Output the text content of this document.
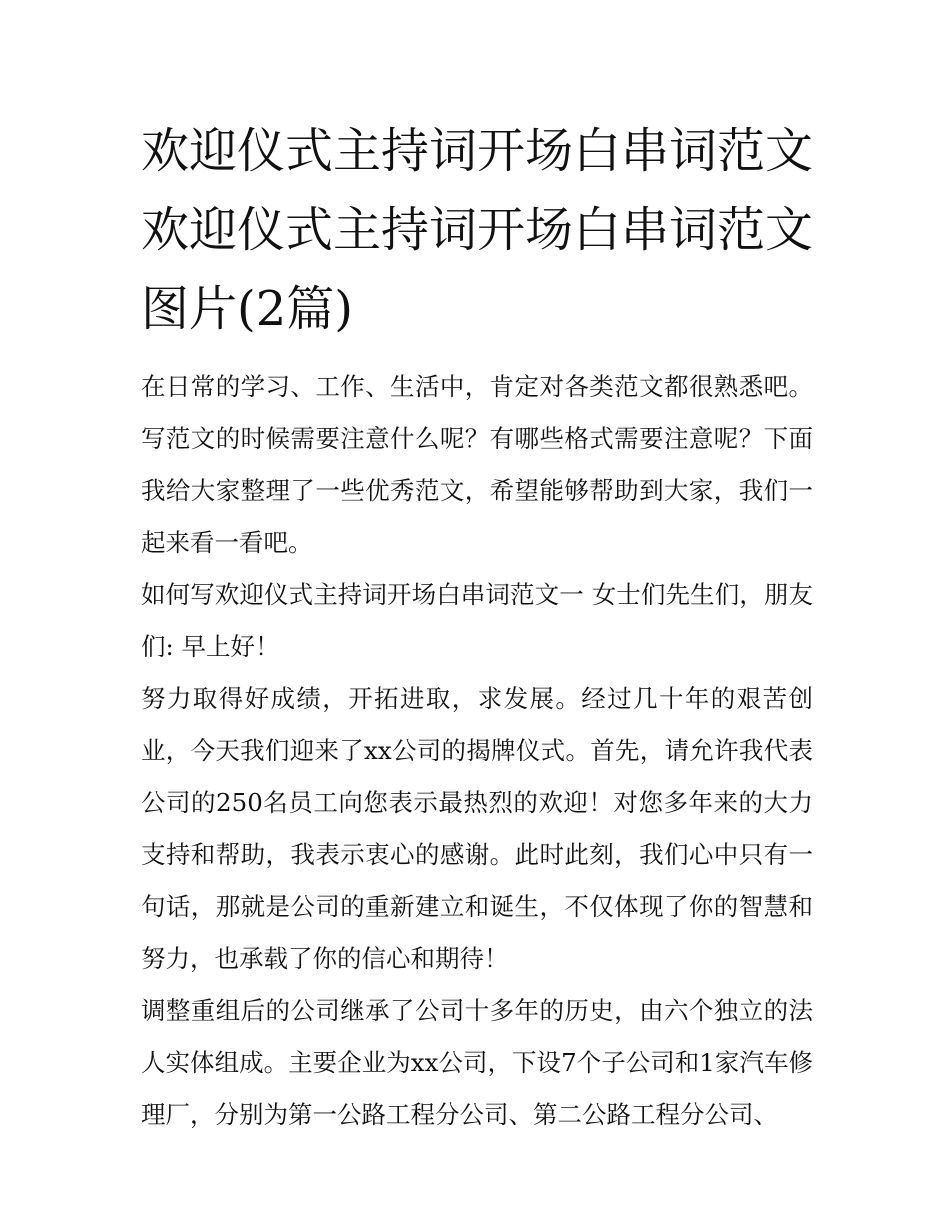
欢迎仪式主持词开场白串词范文 欢迎仪式主持词开场白串词范文图片(2篇)

在日常的学习、工作、生活中，肯定对各类范文都很熟悉吧。写范文的时候需要注意什么呢？有哪些格式需要注意呢？下面我给大家整理了一些优秀范文，希望能够帮助到大家，我们一起来看一看吧。

如何写欢迎仪式主持词开场白串词范文一 女士们先生们，朋友们: 早上好！

努力取得好成绩，开拓进取，求发展。经过几十年的艰苦创业，今天我们迎来了xx公司的揭牌仪式。首先，请允许我代表公司的250名员工向您表示最热烈的欢迎！对您多年来的大力支持和帮助，我表示衷心的感谢。此时此刻，我们心中只有一句话，那就是公司的重新建立和诞生，不仅体现了你的智慧和努力，也承载了你的信心和期待！

调整重组后的公司继承了公司十多年的历史，由六个独立的法人实体组成。主要企业为xx公司，下设7个子公司和1家汽车修理厂，分别为第一公路工程分公司、第二公路工程分公司、
